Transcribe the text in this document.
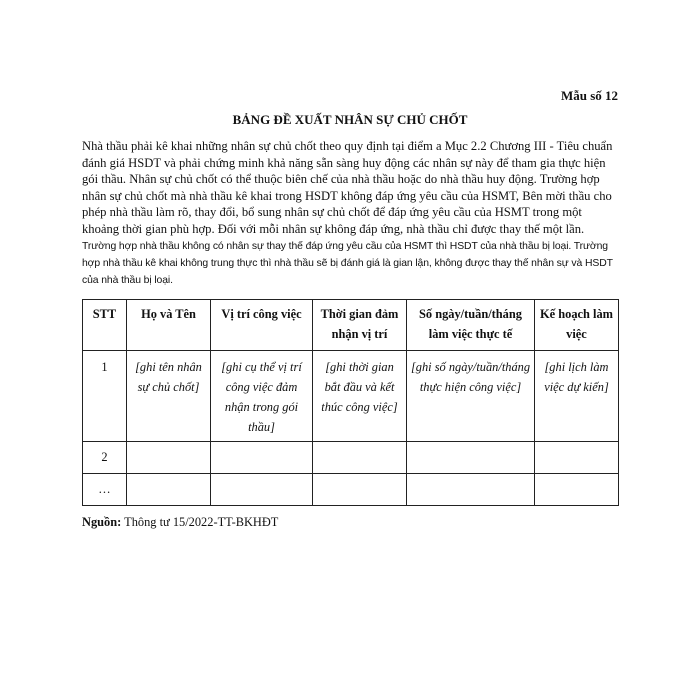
Mẫu số 12
BẢNG ĐỀ XUẤT NHÂN SỰ CHỦ CHỐT

Nhà thầu phải kê khai những nhân sự chủ chốt theo quy định tại điểm a Mục 2.2 Chương III - Tiêu chuẩn đánh giá HSDT và phải chứng minh khả năng sẵn sàng huy động các nhân sự này để tham gia thực hiện gói thầu. Nhân sự chủ chốt có thể thuộc biên chế của nhà thầu hoặc do nhà thầu huy động. Trường hợp nhân sự chủ chốt mà nhà thầu kê khai trong HSDT không đáp ứng yêu cầu của HSMT, Bên mời thầu cho phép nhà thầu làm rõ, thay đổi, bổ sung nhân sự chủ chốt để đáp ứng yêu cầu của HSMT trong một khoảng thời gian phù hợp. Đối với mỗi nhân sự không đáp ứng, nhà thầu chỉ được thay thế một lần.

Trường hợp nhà thầu không có nhân sự thay thế đáp ứng yêu cầu của HSMT thì HSDT của nhà thầu bị loại. Trường hợp nhà thầu kê khai không trung thực thì nhà thầu sẽ bị đánh giá là gian lận, không được thay thế nhân sự và HSDT của nhà thầu bị loại.

STT	Họ và Tên	Vị trí công việc	Thời gian đảm nhận vị trí	Số ngày/tuần/tháng làm việc thực tế	Kế hoạch làm việc
1	[ghi tên nhân sự chủ chốt]	[ghi cụ thể vị trí công việc đảm nhận trong gói thầu]	[ghi thời gian bắt đầu và kết thúc công việc]	[ghi số ngày/tuần/tháng thực hiện công việc]	[ghi lịch làm việc dự kiến]
2					
…					
Nguồn: Thông tư 15/2022-TT-BKHĐT
